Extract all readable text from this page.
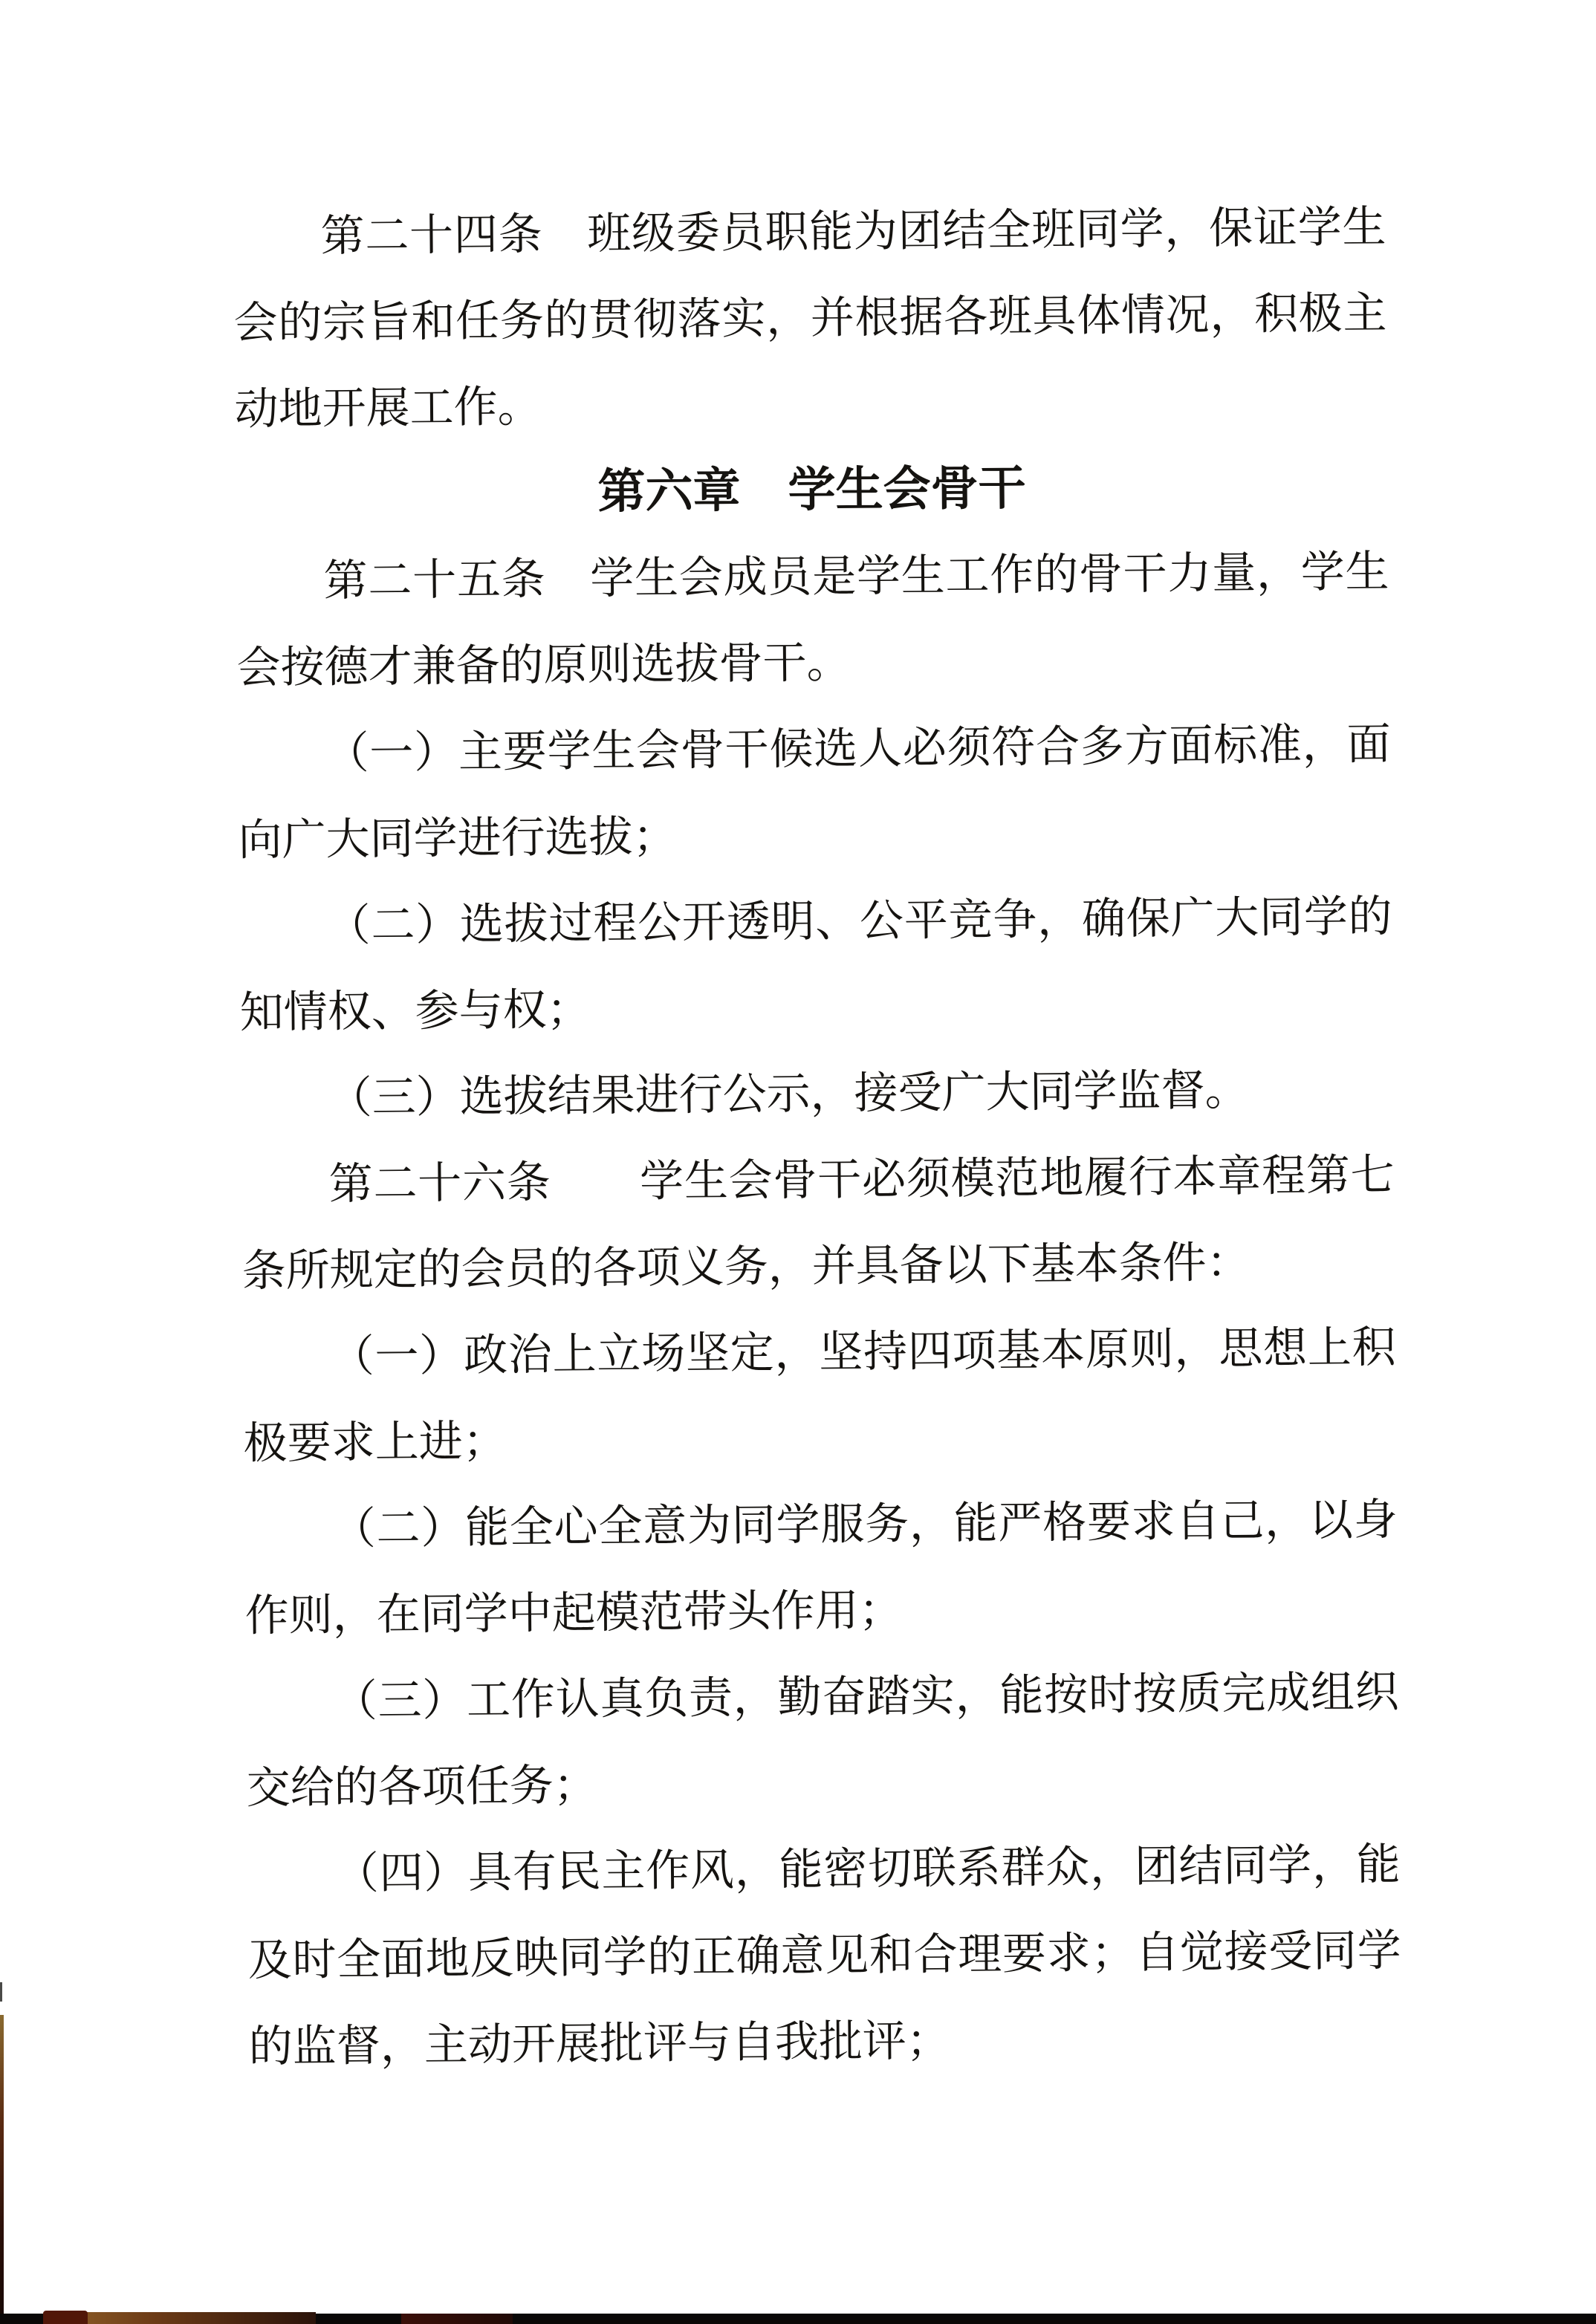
第二十四条　班级委员职能为团结全班同学，保证学生会的宗旨和任务的贯彻落实，并根据各班具体情况，积极主动地开展工作。

第六章　学生会骨干

第二十五条　学生会成员是学生工作的骨干力量，学生会按德才兼备的原则选拔骨干。

（一）主要学生会骨干候选人必须符合多方面标准，面向广大同学进行选拔；

（二）选拔过程公开透明、公平竞争，确保广大同学的知情权、参与权；

（三）选拔结果进行公示，接受广大同学监督。

第二十六条　　学生会骨干必须模范地履行本章程第七条所规定的会员的各项义务，并具备以下基本条件：

（一）政治上立场坚定，坚持四项基本原则，思想上积极要求上进；

（二）能全心全意为同学服务，能严格要求自己，以身作则，在同学中起模范带头作用；

（三）工作认真负责，勤奋踏实，能按时按质完成组织交给的各项任务；

（四）具有民主作风，能密切联系群众，团结同学，能及时全面地反映同学的正确意见和合理要求；自觉接受同学的监督，主动开展批评与自我批评；
